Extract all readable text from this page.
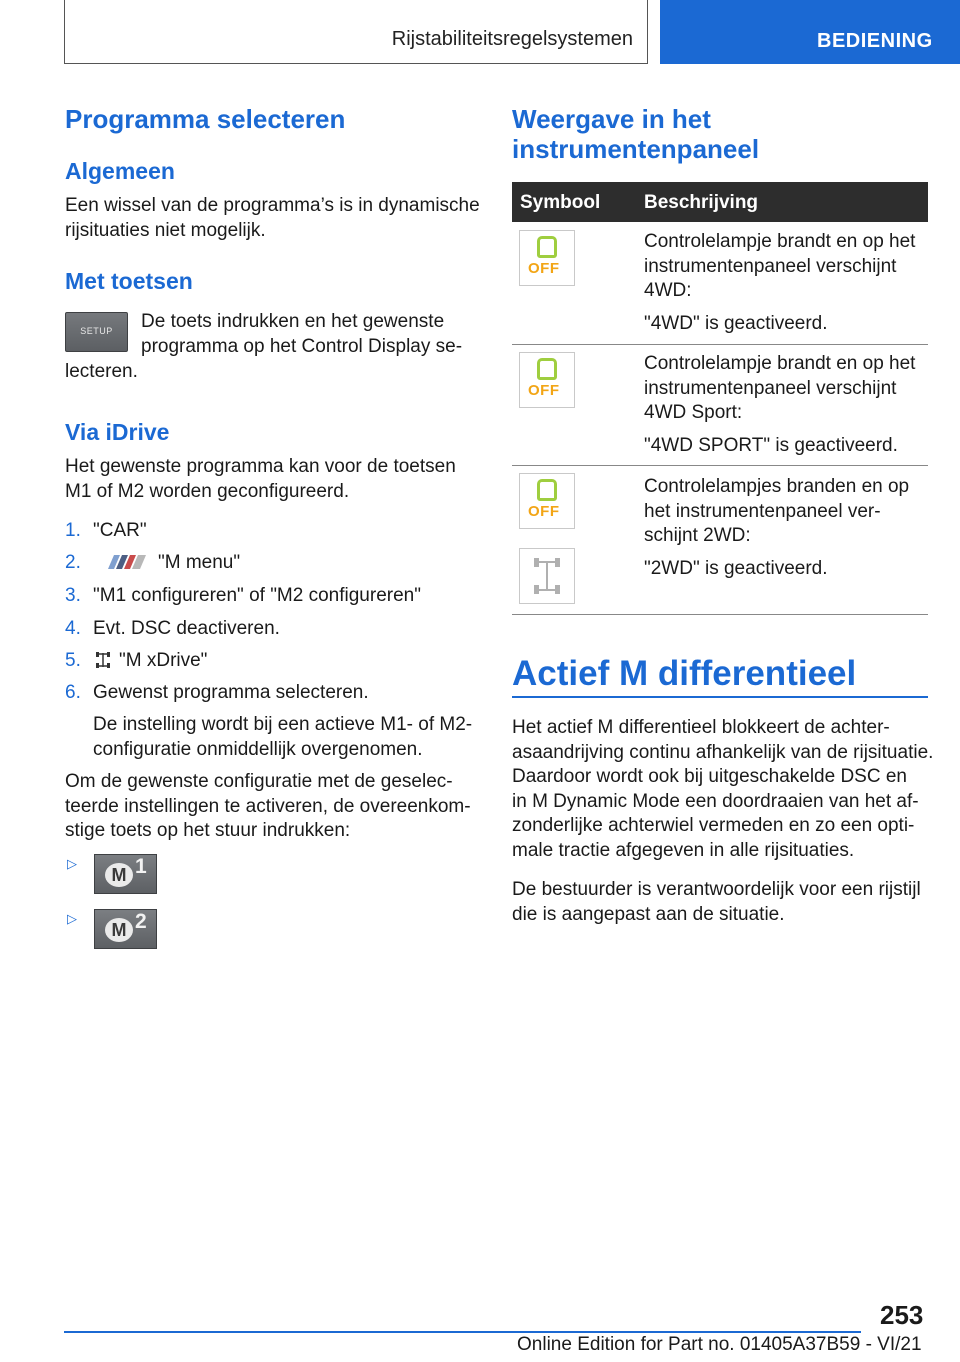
Rijstabiliteitsregelsystemen	BEDIENING
Programma selecteren
Algemeen
Een wissel van de programma’s is in dynamische
rijsituaties niet mogelijk.
Met toetsen
SETUP	De toets indrukken en het gewenste
programma op het Control Display se-
lecteren.
Via iDrive
Het gewenste programma kan voor de toetsen
M1 of M2 worden geconfigureerd.
1. "CAR"
2.	"M menu"
3. "M1 configureren" of "M2 configureren"
4. Evt. DSC deactiveren.
5. "M xDrive"
6. Gewenst programma selecteren.
De instelling wordt bij een actieve M1- of M2-
configuratie onmiddellijk overgenomen.
Om de gewenste configuratie met de geselec-
teerde instellingen te activeren, de overeenkom-
stige toets op het stuur indrukken:
▷
M 1
▷
M 2
Weergave in het
instrumentenpaneel
Symbool Beschrijving
OFF
Controlelampje brandt en op het
instrumentenpaneel verschijnt
4WD:
"4WD" is geactiveerd.
OFF
Controlelampje brandt en op het
instrumentenpaneel verschijnt
4WD Sport:
"4WD SPORT" is geactiveerd.
OFF
Controlelampjes branden en op
het instrumentenpaneel ver-
schijnt 2WD:
"2WD" is geactiveerd.
Actief M differentieel
Het actief M differentieel blokkeert de achter-
asaandrijving continu afhankelijk van de rijsituatie.
Daardoor wordt ook bij uitgeschakelde DSC en
in M Dynamic Mode een doordraaien van het af-
zonderlijke achterwiel vermeden en zo een opti-
male tractie afgegeven in alle rijsituaties.
De bestuurder is verantwoordelijk voor een rijstijl
die is aangepast aan de situatie.
253
Online Edition for Part no. 01405A37B59 - VI/21
